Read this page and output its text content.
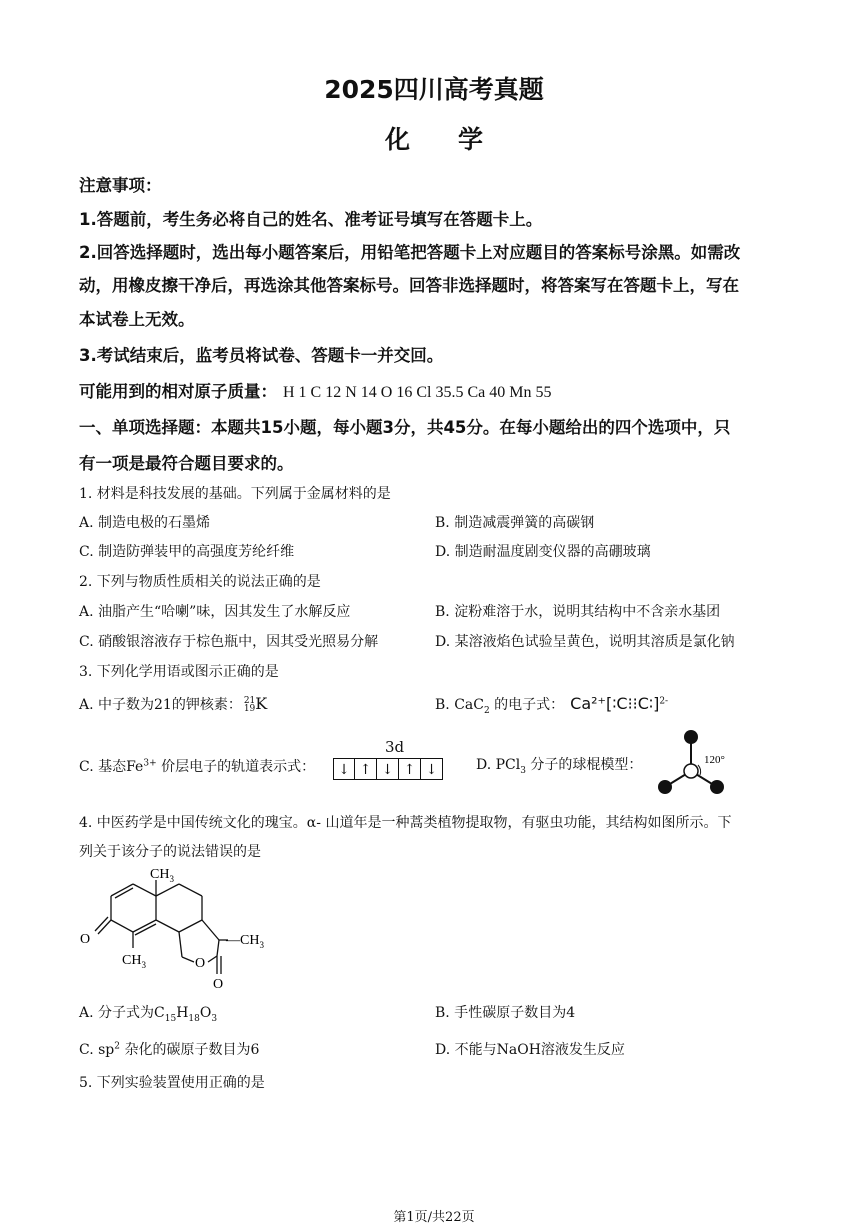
2025四川高考真题
化学
注意事项：
1.答题前，考生务必将自己的姓名、准考证号填写在答题卡上。
2.回答选择题时，选出每小题答案后，用铅笔把答题卡上对应题目的答案标号涂黑。如需改
动，用橡皮擦干净后，再选涂其他答案标号。回答非选择题时，将答案写在答题卡上，写在
本试卷上无效。
3.考试结束后，监考员将试卷、答题卡一并交回。
可能用到的相对原子质量： H 1 C 12 N 14 O 16 Cl 35.5 Ca 40 Mn 55
一、单项选择题：本题共15小题，每小题3分，共45分。在每小题给出的四个选项中，只
有一项是最符合题目要求的。
1. 材料是科技发展的基础。下列属于金属材料的是
A. 制造电极的石墨烯	B. 制造减震弹簧的高碳钢
C. 制造防弹装甲的高强度芳纶纤维	D. 制造耐温度剧变仪器的高硼玻璃
2. 下列与物质性质相关的说法正确的是
A. 油脂产生“哈喇”味，因其发生了水解反应	B. 淀粉难溶于水，说明其结构中不含亲水基团
C. 硝酸银溶液存于棕色瓶中，因其受光照易分解	D. 某溶液焰色试验呈黄色，说明其溶质是氯化钠
3. 下列化学用语或图示正确的是
A. 中子数为21的钾核素： 21
19K	B. CaC$_2$ 的电子式： Ca²⁺[∶C⁝⁝C∶]$^{2-}$
C. 基态$Fe^{3+}$ 价层电子的轨道表示式：
3d
↓ ↑ ↓ ↑ ↓	D. PCl$_3$ 分子的球棍模型：	120°
4. 中医药学是中国传统文化的瑰宝。α- 山道年是一种蒿类植物提取物，有驱虫功能，其结构如图所示。下
列关于该分子的说法错误的是
$CH_3$
$—CH_3$
$CH_3$
O
O
O
A. 分子式为$C_{15}H_{18}O_3$	B. 手性碳原子数目为4
C. $sp^2$ 杂化的碳原子数目为6	D. 不能与NaOH溶液发生反应
5. 下列实验装置使用正确的是
第1页/共22页
